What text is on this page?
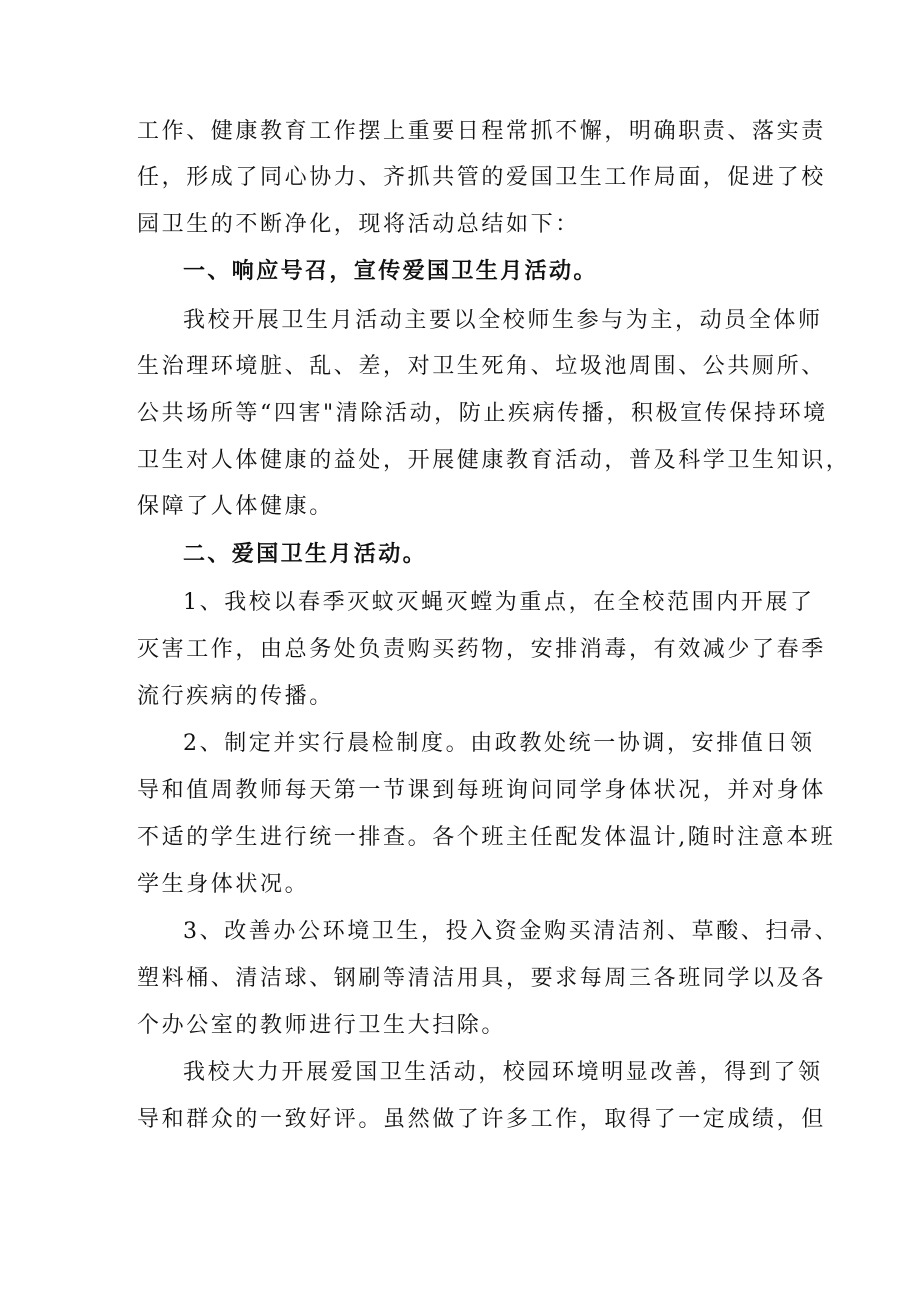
工作、健康教育工作摆上重要日程常抓不懈，明确职责、落实责
任，形成了同心协力、齐抓共管的爱国卫生工作局面，促进了校
园卫生的不断净化，现将活动总结如下：
一、响应号召，宣传爱国卫生月活动。
我校开展卫生月活动主要以全校师生参与为主，动员全体师
生治理环境脏、乱、差，对卫生死角、垃圾池周围、公共厕所、
公共场所等“四害"清除活动，防止疾病传播，积极宣传保持环境
卫生对人体健康的益处，开展健康教育活动，普及科学卫生知识，
保障了人体健康。
二、爱国卫生月活动。
1、我校以春季灭蚊灭蝇灭螳为重点，在全校范围内开展了
灭害工作，由总务处负责购买药物，安排消毒，有效减少了春季
流行疾病的传播。
2、制定并实行晨检制度。由政教处统一协调，安排值日领
导和值周教师每天第一节课到每班询问同学身体状况，并对身体
不适的学生进行统一排查。各个班主任配发体温计,随时注意本班
学生身体状况。
3、改善办公环境卫生，投入资金购买清洁剂、草酸、扫帚、
塑料桶、清洁球、钢刷等清洁用具，要求每周三各班同学以及各
个办公室的教师进行卫生大扫除。
我校大力开展爱国卫生活动，校园环境明显改善，得到了领
导和群众的一致好评。虽然做了许多工作，取得了一定成绩，但
